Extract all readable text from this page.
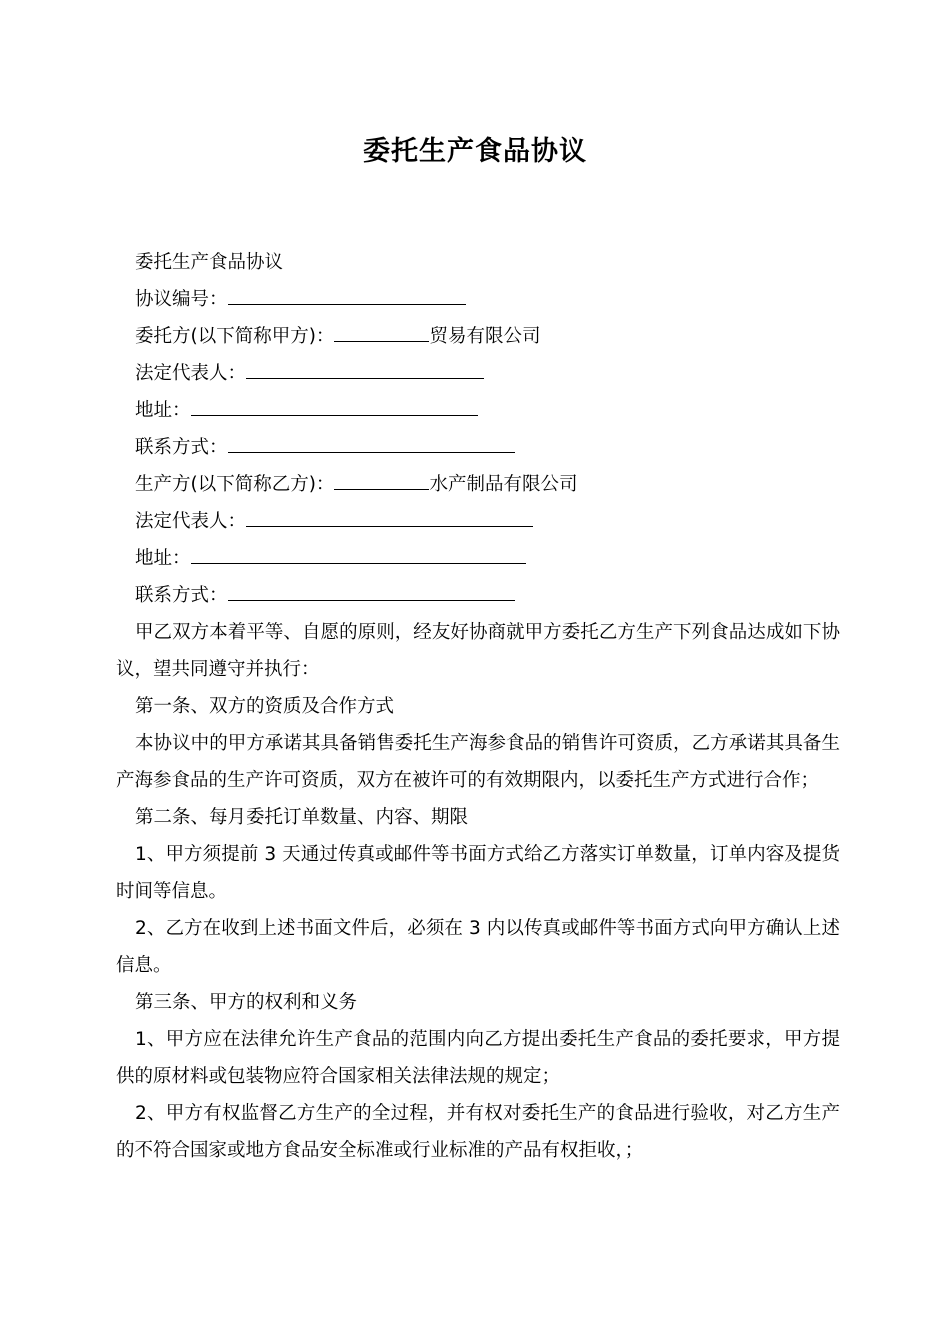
委托生产食品协议

委托生产食品协议

协议编号：

委托方(以下简称甲方)：	贸易有限公司

法定代表人：

地址：

联系方式：

生产方(以下简称乙方)：	水产制品有限公司

法定代表人：

地址：

联系方式：

甲乙双方本着平等、自愿的原则，经友好协商就甲方委托乙方生产下列食品达成如下协议，望共同遵守并执行：

第一条、双方的资质及合作方式

本协议中的甲方承诺其具备销售委托生产海参食品的销售许可资质，乙方承诺其具备生产海参食品的生产许可资质，双方在被许可的有效期限内，以委托生产方式进行合作；

第二条、每月委托订单数量、内容、期限

1、甲方须提前 3 天通过传真或邮件等书面方式给乙方落实订单数量，订单内容及提货时间等信息。

2、乙方在收到上述书面文件后，必须在 3 内以传真或邮件等书面方式向甲方确认上述信息。

第三条、甲方的权利和义务

1、甲方应在法律允许生产食品的范围内向乙方提出委托生产食品的委托要求，甲方提供的原材料或包装物应符合国家相关法律法规的规定；

2、甲方有权监督乙方生产的全过程，并有权对委托生产的食品进行验收，对乙方生产的不符合国家或地方食品安全标准或行业标准的产品有权拒收，；
